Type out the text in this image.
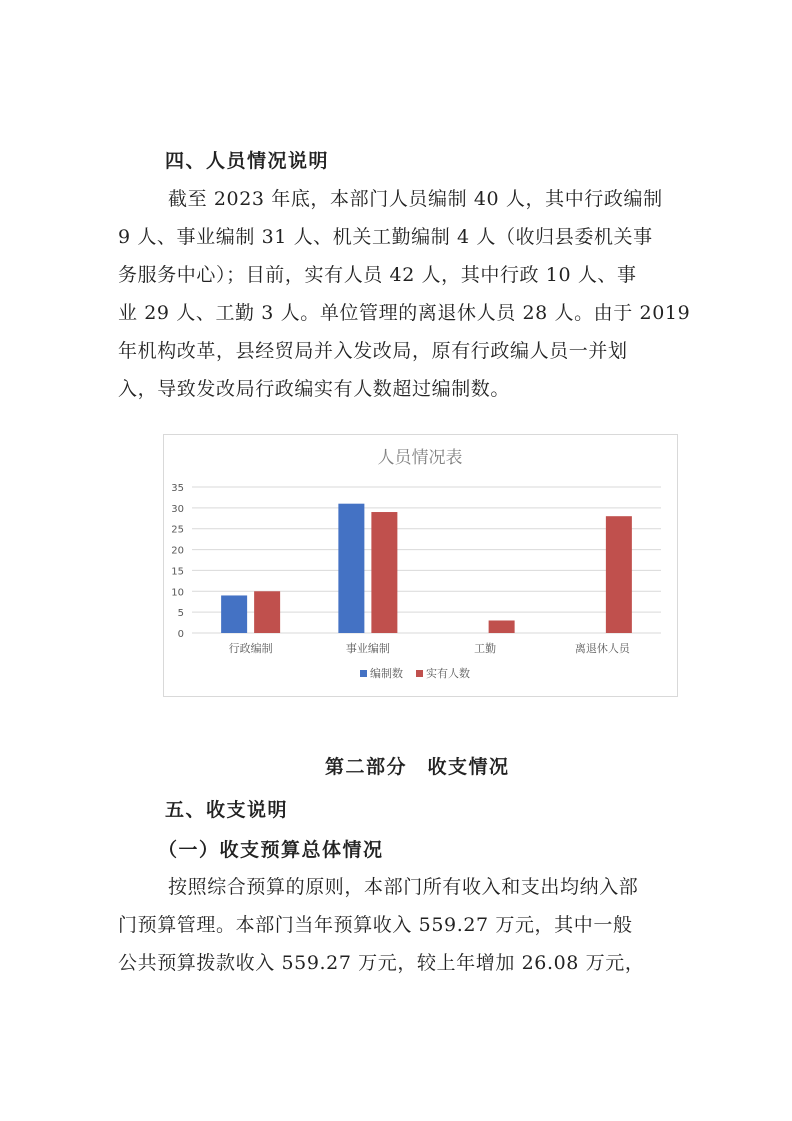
四、人员情况说明
截至 2023 年底，本部门人员编制 40 人，其中行政编制
9 人、事业编制 31 人、机关工勤编制 4 人（收归县委机关事
务服务中心）；目前，实有人员 42 人，其中行政 10 人、事
业 29 人、工勤 3 人。单位管理的离退休人员 28 人。由于 2019
年机构改革，县经贸局并入发改局，原有行政编人员一并划
入，导致发改局行政编实有人数超过编制数。
人员情况表
0
5
10
15
20
25
30
35
行政编制	事业编制	工勤	离退休人员
编制数 实有人数
第二部分　收支情况
五、收支说明
（一）收支预算总体情况
按照综合预算的原则，本部门所有收入和支出均纳入部
门预算管理。本部门当年预算收入 559.27 万元，其中一般
公共预算拨款收入 559.27 万元，较上年增加 26.08 万元，
